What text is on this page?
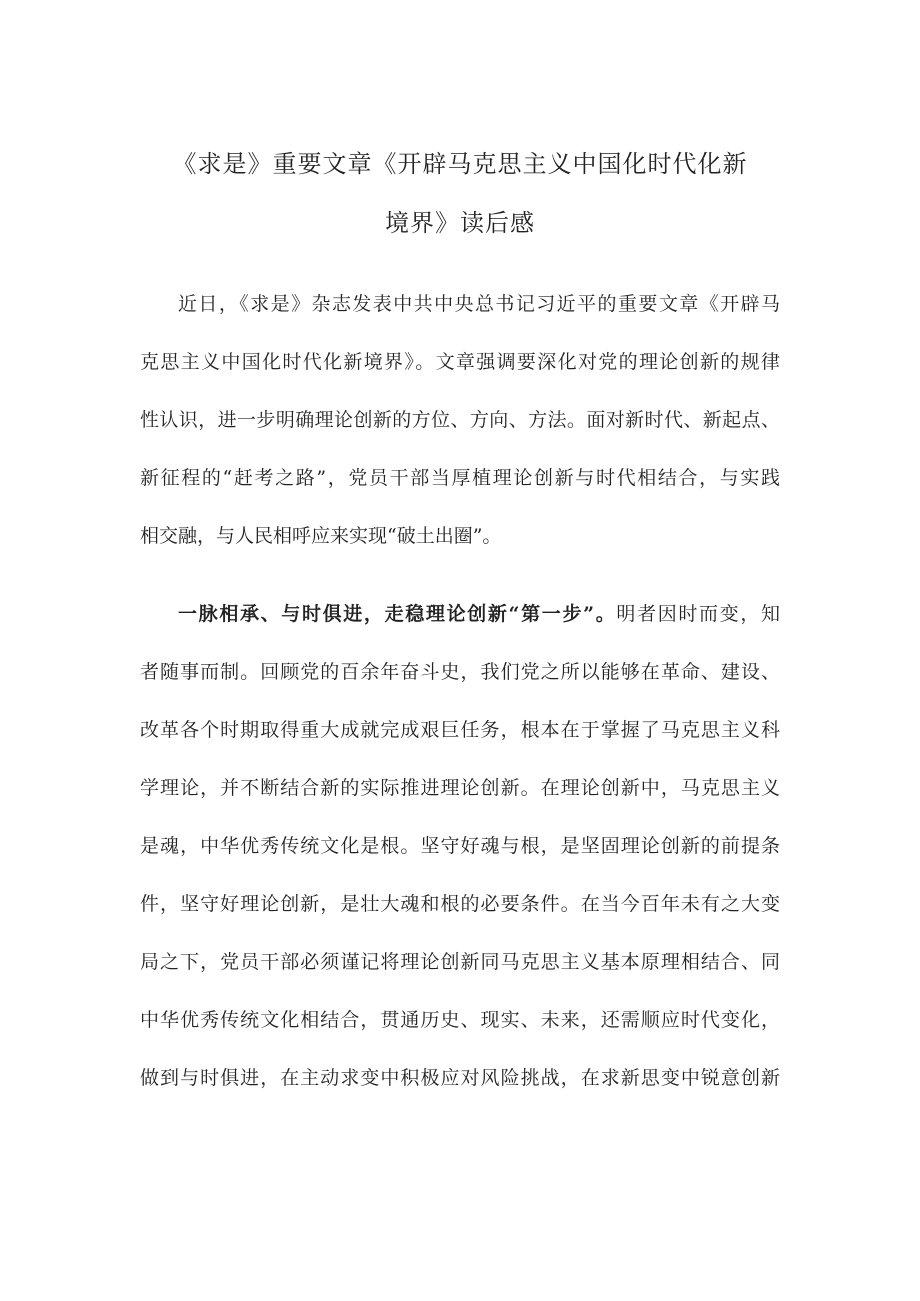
《求是》重要文章《开辟马克思主义中国化时代化新
境界》读后感
近日，《求是》杂志发表中共中央总书记习近平的重要文章《开辟马
克思主义中国化时代化新境界》。文章强调要深化对党的理论创新的规律
性认识，进一步明确理论创新的方位、方向、方法。面对新时代、新起点、
新征程的“赶考之路”，党员干部当厚植理论创新与时代相结合，与实践
相交融，与人民相呼应来实现“破土出圈”。
一脉相承、与时俱进，走稳理论创新“第一步”。明者因时而变，知
者随事而制。回顾党的百余年奋斗史，我们党之所以能够在革命、建设、
改革各个时期取得重大成就完成艰巨任务，根本在于掌握了马克思主义科
学理论，并不断结合新的实际推进理论创新。在理论创新中，马克思主义
是魂，中华优秀传统文化是根。坚守好魂与根，是坚固理论创新的前提条
件，坚守好理论创新，是壮大魂和根的必要条件。在当今百年未有之大变
局之下，党员干部必须谨记将理论创新同马克思主义基本原理相结合、同
中华优秀传统文化相结合，贯通历史、现实、未来，还需顺应时代变化，
做到与时俱进，在主动求变中积极应对风险挑战，在求新思变中锐意创新
